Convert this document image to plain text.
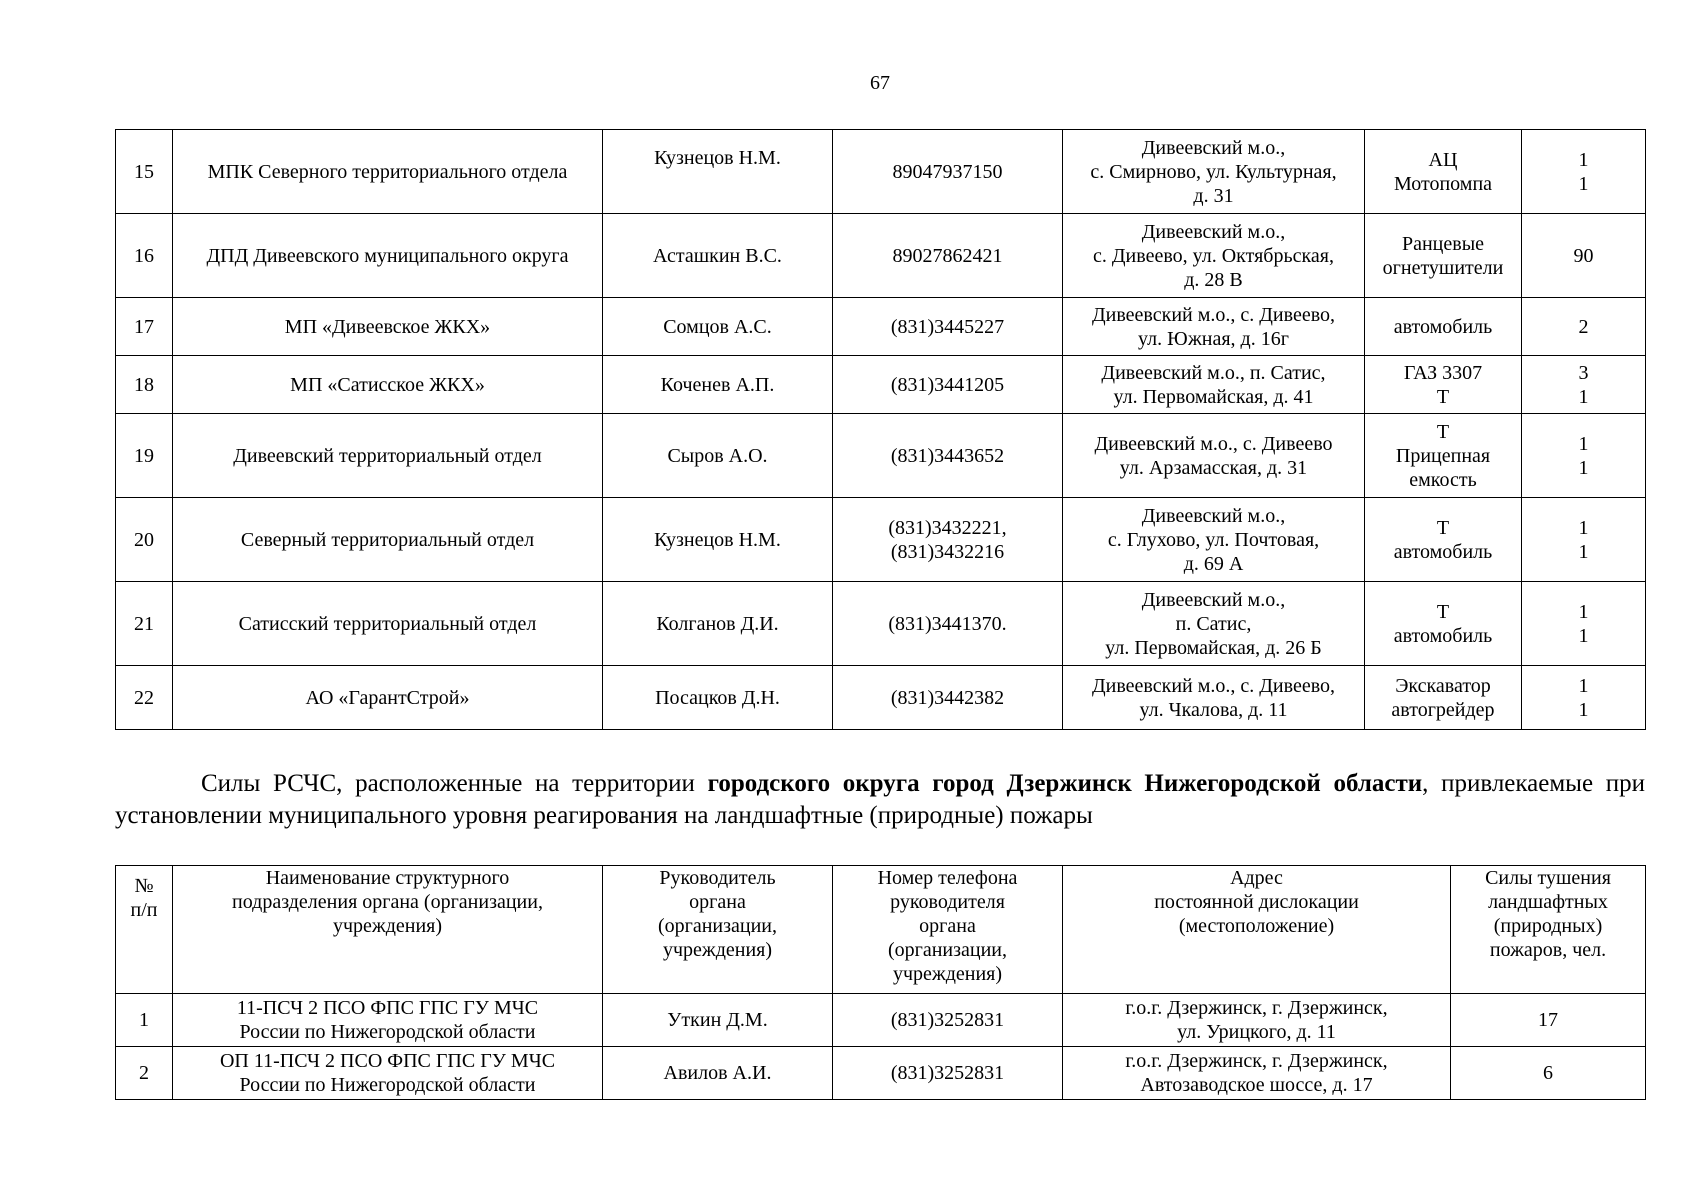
67
15	МПК Северного территориального отдела	Кузнецов Н.М.	89047937150	Дивеевский м.о.,
с. Смирново, ул. Культурная,
д. 31	АЦ
Мотопомпа	1
1
16	ДПД Дивеевского муниципального округа	Асташкин В.С.	89027862421	Дивеевский м.о.,
с. Дивеево, ул. Октябрьская,
д. 28 В	Ранцевые
огнетушители	90
17	МП «Дивеевское ЖКХ»	Сомцов А.С.	(831)3445227	Дивеевский м.о., с. Дивеево,
ул. Южная, д. 16г	автомобиль	2
18	МП «Сатисское ЖКХ»	Коченев А.П.	(831)3441205	Дивеевский м.о., п. Сатис,
ул. Первомайская, д. 41	ГАЗ 3307
Т	3
1
19	Дивеевский территориальный отдел	Сыров А.О.	(831)3443652	Дивеевский м.о., с. Дивеево
ул. Арзамасская, д. 31	Т
Прицепная
емкость	1
1
20	Северный территориальный отдел	Кузнецов Н.М.	(831)3432221,
(831)3432216	Дивеевский м.о.,
с. Глухово, ул. Почтовая,
д. 69 А	Т
автомобиль	1
1
21	Сатисский территориальный отдел	Колганов Д.И.	(831)3441370.	Дивеевский м.о.,
п. Сатис,
ул. Первомайская, д. 26 Б	Т
автомобиль	1
1
22	АО «ГарантСтрой»	Посацков Д.Н.	(831)3442382	Дивеевский м.о., с. Дивеево,
ул. Чкалова, д. 11	Экскаватор
автогрейдер	1
1
Силы РСЧС, расположенные на территории городского округа город Дзержинск Нижегородской области, привлекаемые при установлении муниципального уровня реагирования на ландшафтные (природные) пожары
№
п/п	Наименование структурного
подразделения органа (организации,
учреждения)	Руководитель
органа
(организации,
учреждения)	Номер телефона
руководителя
органа
(организации,
учреждения)	Адрес
постоянной дислокации
(местоположение)	Силы тушения
ландшафтных
(природных)
пожаров, чел.
1	11-ПСЧ 2 ПСО ФПС ГПС ГУ МЧС
России по Нижегородской области	Уткин Д.М.	(831)3252831	г.о.г. Дзержинск, г. Дзержинск,
ул. Урицкого, д. 11	17
2	ОП 11-ПСЧ 2 ПСО ФПС ГПС ГУ МЧС
России по Нижегородской области	Авилов А.И.	(831)3252831	г.о.г. Дзержинск, г. Дзержинск,
Автозаводское шоссе, д. 17	6
